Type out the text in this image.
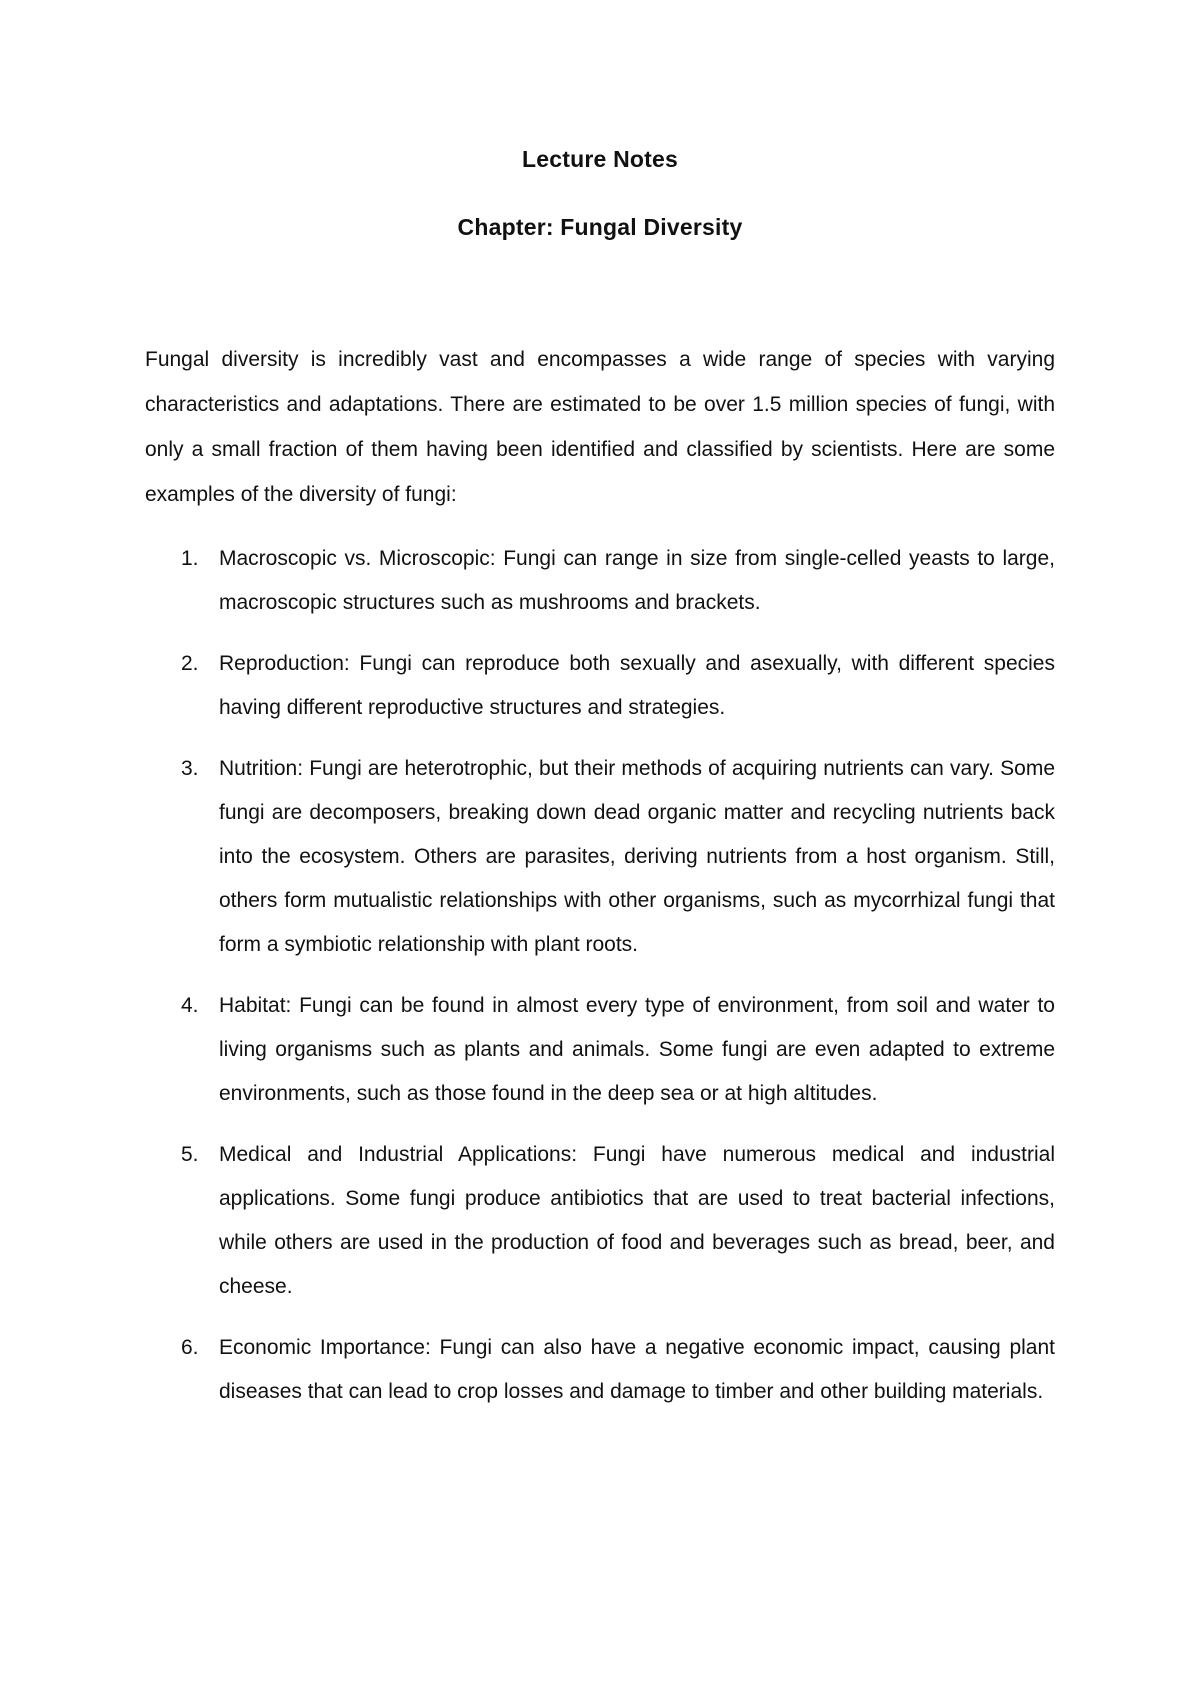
Lecture Notes
Chapter: Fungal Diversity

Fungal diversity is incredibly vast and encompasses a wide range of species with varying characteristics and adaptations. There are estimated to be over 1.5 million species of fungi, with only a small fraction of them having been identified and classified by scientists. Here are some examples of the diversity of fungi:

1. Macroscopic vs. Microscopic: Fungi can range in size from single-celled yeasts to large, macroscopic structures such as mushrooms and brackets.
2. Reproduction: Fungi can reproduce both sexually and asexually, with different species having different reproductive structures and strategies.
3. Nutrition: Fungi are heterotrophic, but their methods of acquiring nutrients can vary. Some fungi are decomposers, breaking down dead organic matter and recycling nutrients back into the ecosystem. Others are parasites, deriving nutrients from a host organism. Still, others form mutualistic relationships with other organisms, such as mycorrhizal fungi that form a symbiotic relationship with plant roots.
4. Habitat: Fungi can be found in almost every type of environment, from soil and water to living organisms such as plants and animals. Some fungi are even adapted to extreme environments, such as those found in the deep sea or at high altitudes.
5. Medical and Industrial Applications: Fungi have numerous medical and industrial applications. Some fungi produce antibiotics that are used to treat bacterial infections, while others are used in the production of food and beverages such as bread, beer, and cheese.
6. Economic Importance: Fungi can also have a negative economic impact, causing plant diseases that can lead to crop losses and damage to timber and other building materials.
